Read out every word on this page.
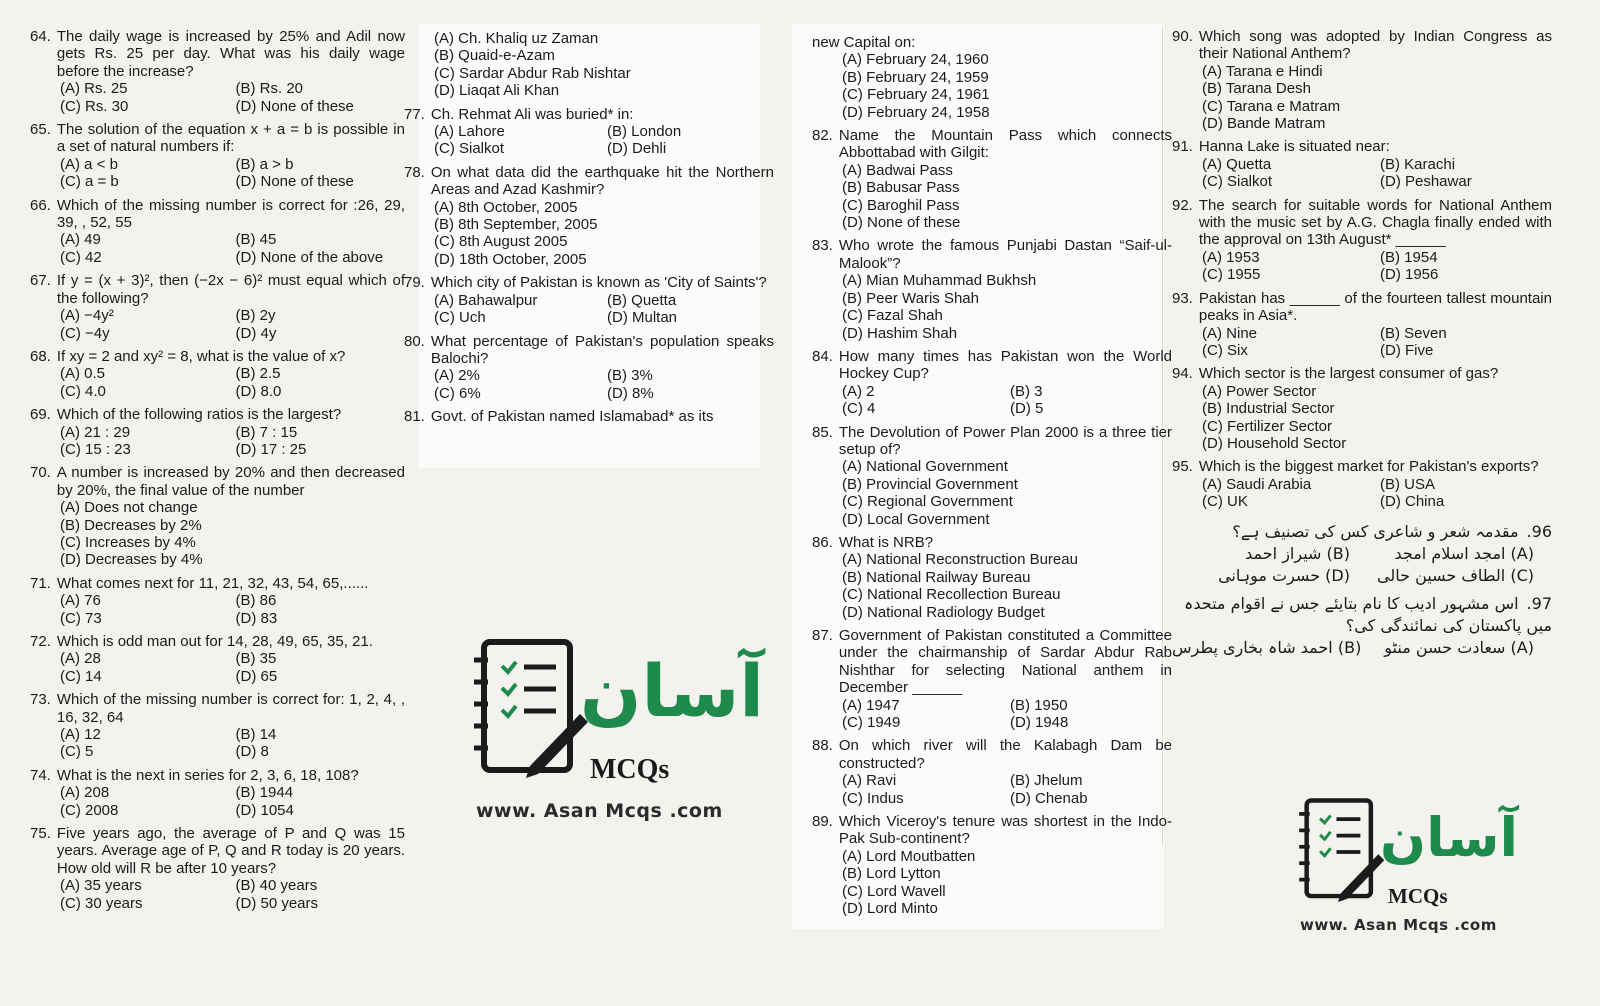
64. The daily wage is increased by 25% and Adil now gets Rs. 25 per day. What was his daily wage before the increase?
(A) Rs. 25	(B) Rs. 20
(C) Rs. 30	(D) None of these
65. The solution of the equation x + a = b is possible in a set of natural numbers if:
(A) a < b	(B) a > b
(C) a = b	(D) None of these
66. Which of the missing number is correct for :26, 29, 39, , 52, 55
(A) 49	(B) 45
(C) 42	(D) None of the above
67. If y = (x + 3)², then (−2x − 6)² must equal which of the following?
(A) −4y²	(B) 2y
(C) −4y	(D) 4y
68. If xy = 2 and xy² = 8, what is the value of x?
(A) 0.5	(B) 2.5
(C) 4.0	(D) 8.0
69. Which of the following ratios is the largest?
(A) 21 : 29	(B) 7 : 15
(C) 15 : 23	(D) 17 : 25
70. A number is increased by 20% and then decreased by 20%, the final value of the number
(A) Does not change
(B) Decreases by 2%
(C) Increases by 4%
(D) Decreases by 4%
71. What comes next for 11, 21, 32, 43, 54, 65,......
(A) 76	(B) 86
(C) 73	(D) 83
72. Which is odd man out for 14, 28, 49, 65, 35, 21.
(A) 28	(B) 35
(C) 14	(D) 65
73. Which of the missing number is correct for: 1, 2, 4, , 16, 32, 64
(A) 12	(B) 14
(C) 5	(D) 8
74. What is the next in series for 2, 3, 6, 18, 108?
(A) 208	(B) 1944
(C) 2008	(D) 1054
75. Five years ago, the average of P and Q was 15 years. Average age of P, Q and R today is 20 years. How old will R be after 10 years?
(A) 35 years	(B) 40 years
(C) 30 years	(D) 50 years
(A) Ch. Khaliq uz Zaman
(B) Quaid-e-Azam
(C) Sardar Abdur Rab Nishtar
(D) Liaqat Ali Khan
77. Ch. Rehmat Ali was buried* in:
(A) Lahore	(B) London
(C) Sialkot	(D) Dehli
78. On what data did the earthquake hit the Northern Areas and Azad Kashmir?
(A) 8th October, 2005
(B) 8th September, 2005
(C) 8th August 2005
(D) 18th October, 2005
79. Which city of Pakistan is known as 'City of Saints'?
(A) Bahawalpur	(B) Quetta
(C) Uch	(D) Multan
80. What percentage of Pakistan's population speaks Balochi?
(A) 2%	(B) 3%
(C) 6%	(D) 8%
81. Govt. of Pakistan named Islamabad* as its
new Capital on:
(A) February 24, 1960
(B) February 24, 1959
(C) February 24, 1961
(D) February 24, 1958
82. Name the Mountain Pass which connects Abbottabad with Gilgit:
(A) Badwai Pass
(B) Babusar Pass
(C) Baroghil Pass
(D) None of these
83. Who wrote the famous Punjabi Dastan “Saif-ul-Malook”?
(A) Mian Muhammad Bukhsh
(B) Peer Waris Shah
(C) Fazal Shah
(D) Hashim Shah
84. How many times has Pakistan won the World Hockey Cup?
(A) 2	(B) 3
(C) 4	(D) 5
85. The Devolution of Power Plan 2000 is a three tier setup of?
(A) National Government
(B) Provincial Government
(C) Regional Government
(D) Local Government
86. What is NRB?
(A) National Reconstruction Bureau
(B) National Railway Bureau
(C) National Recollection Bureau
(D) National Radiology Budget
87. Government of Pakistan constituted a Committee under the chairmanship of Sardar Abdur Rab Nishthar for selecting National anthem in December ______
(A) 1947	(B) 1950
(C) 1949	(D) 1948
88. On which river will the Kalabagh Dam be constructed?
(A) Ravi	(B) Jhelum
(C) Indus	(D) Chenab
89. Which Viceroy's tenure was shortest in the Indo-Pak Sub-continent?
(A) Lord Moutbatten
(B) Lord Lytton
(C) Lord Wavell
(D) Lord Minto
90. Which song was adopted by Indian Congress as their National Anthem?
(A) Tarana e Hindi
(B) Tarana Desh
(C) Tarana e Matram
(D) Bande Matram
91. Hanna Lake is situated near:
(A) Quetta	(B) Karachi
(C) Sialkot	(D) Peshawar
92. The search for suitable words for National Anthem with the music set by A.G. Chagla finally ended with the approval on 13th August* ______
(A) 1953	(B) 1954
(C) 1955	(D) 1956
93. Pakistan has ______ of the fourteen tallest mountain peaks in Asia*.
(A) Nine	(B) Seven
(C) Six	(D) Five
94. Which sector is the largest consumer of gas?
(A) Power Sector
(B) Industrial Sector
(C) Fertilizer Sector
(D) Household Sector
95. Which is the biggest market for Pakistan's exports?
(A) Saudi Arabia	(B) USA
(C) UK	(D) China
96.مقدمہ شعر و شاعری کس کی تصنیف ہے؟
(A) امجد اسلام امجد
(B) شیراز احمد
(C) الطاف حسین حالی
(D) حسرت موہانی
97.اس مشہور ادیب کا نام بتایئے جس نے اقوام متحدہ میں پاکستان کی نمائندگی کی؟
(A) سعادت حسن منٹو
(B) احمد شاہ بخاری پطرس
آسان
MCQs
www. Asan Mcqs .com	آسان
MCQs
www. Asan Mcqs .com
